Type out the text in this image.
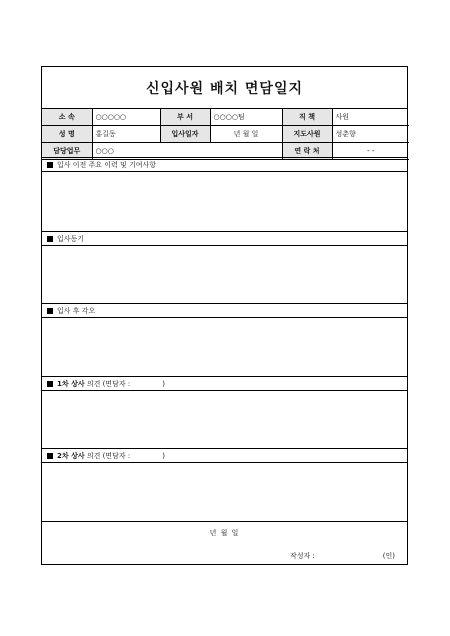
신입사원 배치 면담일지
소 속	○○○○○	부 서	○○○○팀	직 책	사원
성 명	홍길동	입사일자	년 월 일	지도사원	성춘향
담당업무	○○○			연 락 처	- -
입사 이전 주요 이력 및 기여사항
입사동기
입사 후 각오
1차 상사
의견 (면담자 :	)
2차 상사
의견 (면담자 :	)
년 월 일
작성자 :	(인)
